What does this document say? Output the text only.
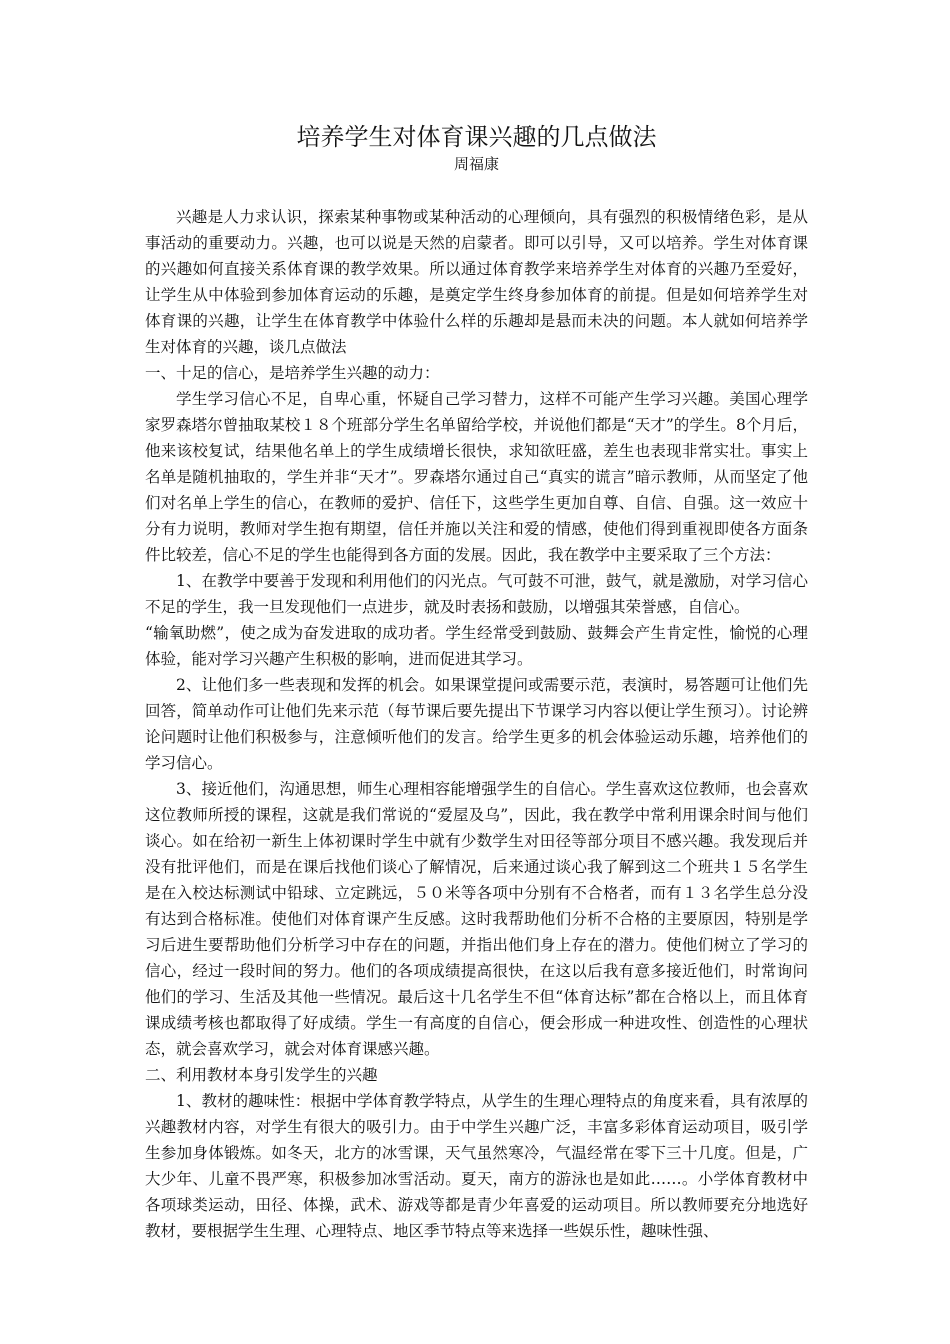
培养学生对体育课兴趣的几点做法

周福康

兴趣是人力求认识，探索某种事物或某种活动的心理倾向，具有强烈的积极情绪色彩，是从事活动的重要动力。兴趣，也可以说是天然的启蒙者。即可以引导，又可以培养。学生对体育课的兴趣如何直接关系体育课的教学效果。所以通过体育教学来培养学生对体育的兴趣乃至爱好，让学生从中体验到参加体育运动的乐趣，是奠定学生终身参加体育的前提。但是如何培养学生对体育课的兴趣，让学生在体育教学中体验什么样的乐趣却是悬而未决的问题。本人就如何培养学生对体育的兴趣，谈几点做法

一、十足的信心，是培养学生兴趣的动力：

学生学习信心不足，自卑心重，怀疑自己学习替力，这样不可能产生学习兴趣。美国心理学家罗森塔尔曾抽取某校１８个班部分学生名单留给学校，并说他们都是“天才”的学生。8个月后，他来该校复试，结果他名单上的学生成绩增长很快，求知欲旺盛，差生也表现非常实壮。事实上名单是随机抽取的，学生并非“天才”。罗森塔尔通过自己“真实的谎言”暗示教师，从而坚定了他们对名单上学生的信心，在教师的爱护、信任下，这些学生更加自尊、自信、自强。这一效应十分有力说明，教师对学生抱有期望，信任并施以关注和爱的情感，使他们得到重视即使各方面条件比较差，信心不足的学生也能得到各方面的发展。因此，我在教学中主要采取了三个方法：

1、在教学中要善于发现和利用他们的闪光点。气可鼓不可泄，鼓气，就是激励，对学习信心不足的学生，我一旦发现他们一点进步，就及时表扬和鼓励，以增强其荣誉感，自信心。

“输氧助燃”，使之成为奋发进取的成功者。学生经常受到鼓励、鼓舞会产生肯定性，愉悦的心理体验，能对学习兴趣产生积极的影响，进而促进其学习。

2、让他们多一些表现和发挥的机会。如果课堂提问或需要示范，表演时，易答题可让他们先回答，简单动作可让他们先来示范（每节课后要先提出下节课学习内容以便让学生预习）。讨论辨论问题时让他们积极参与，注意倾听他们的发言。给学生更多的机会体验运动乐趣，培养他们的学习信心。

3、接近他们，沟通思想，师生心理相容能增强学生的自信心。学生喜欢这位教师，也会喜欢这位教师所授的课程，这就是我们常说的“爱屋及乌”，因此，我在教学中常利用课余时间与他们谈心。如在给初一新生上体初课时学生中就有少数学生对田径等部分项目不感兴趣。我发现后并没有批评他们，而是在课后找他们谈心了解情况，后来通过谈心我了解到这二个班共１５名学生是在入校达标测试中铅球、立定跳远，５０米等各项中分别有不合格者，而有１３名学生总分没有达到合格标准。使他们对体育课产生反感。这时我帮助他们分析不合格的主要原因，特别是学习后进生要帮助他们分析学习中存在的问题，并指出他们身上存在的潜力。使他们树立了学习的信心，经过一段时间的努力。他们的各项成绩提高很快，在这以后我有意多接近他们，时常询问他们的学习、生活及其他一些情况。最后这十几名学生不但“体育达标”都在合格以上，而且体育课成绩考核也都取得了好成绩。学生一有高度的自信心，便会形成一种进攻性、创造性的心理状态，就会喜欢学习，就会对体育课感兴趣。

二、利用教材本身引发学生的兴趣

1、教材的趣味性：根据中学体育教学特点，从学生的生理心理特点的角度来看，具有浓厚的兴趣教材内容，对学生有很大的吸引力。由于中学生兴趣广泛，丰富多彩体育运动项目，吸引学生参加身体锻炼。如冬天，北方的冰雪课，天气虽然寒冷，气温经常在零下三十几度。但是，广大少年、儿童不畏严寒，积极参加冰雪活动。夏天，南方的游泳也是如此……。小学体育教材中各项球类运动，田径、体操，武术、游戏等都是青少年喜爱的运动项目。所以教师要充分地选好教材，要根据学生生理、心理特点、地区季节特点等来选择一些娱乐性，趣味性强、
